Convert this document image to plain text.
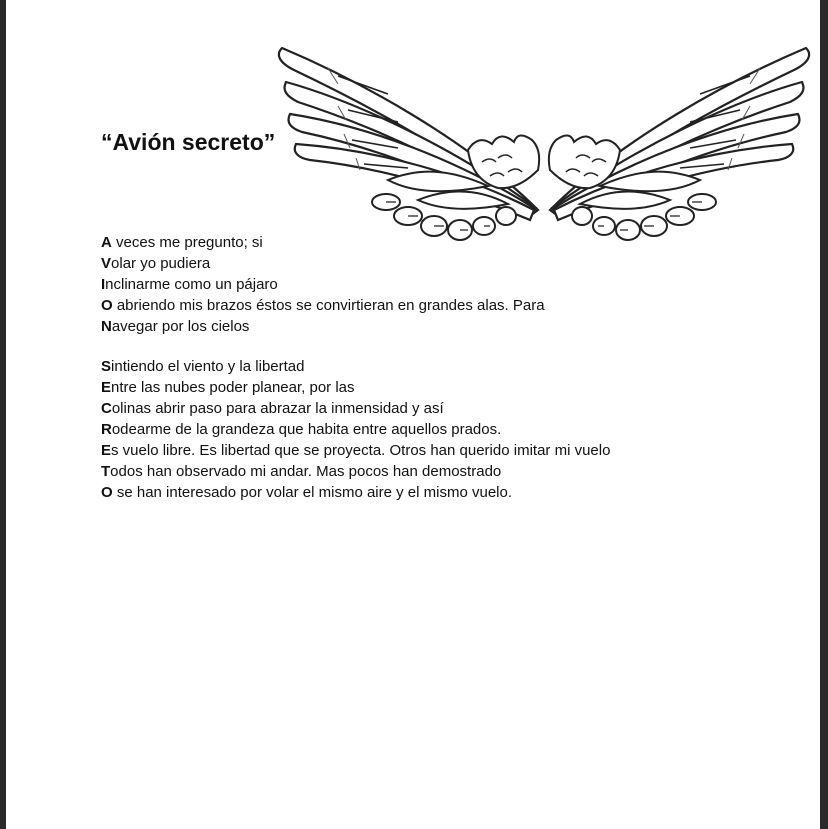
“Avión secreto”

A veces me pregunto; si
Volar yo pudiera
Inclinarme como un pájaro
O abriendo mis brazos éstos se convirtieran en grandes alas. Para
Navegar por los cielos

Sintiendo el viento y la libertad
Entre las nubes poder planear, por las
Colinas abrir paso para abrazar la inmensidad y así
Rodearme de la grandeza que habita entre aquellos prados.
Es vuelo libre. Es libertad que se proyecta. Otros han querido imitar mi vuelo
Todos han observado mi andar. Mas pocos han demostrado
O se han interesado por volar el mismo aire y el mismo vuelo.
